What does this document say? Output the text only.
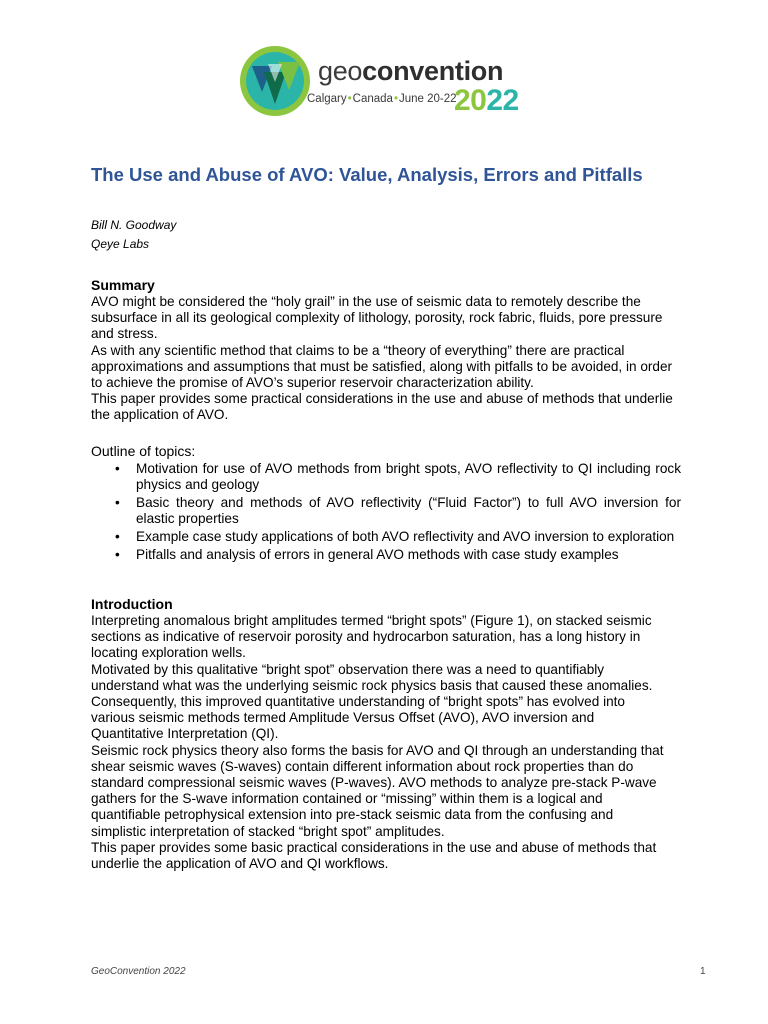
geoconvention
Calgary•Canada•June 20-22
2022
The Use and Abuse of AVO: Value, Analysis, Errors and Pitfalls
Bill N. Goodway
Qeye Labs
Summary
AVO might be considered the “holy grail” in the use of seismic data to remotely describe the
subsurface in all its geological complexity of lithology, porosity, rock fabric, fluids, pore pressure
and stress.
As with any scientific method that claims to be a “theory of everything” there are practical
approximations and assumptions that must be satisfied, along with pitfalls to be avoided, in order
to achieve the promise of AVO’s superior reservoir characterization ability.
This paper provides some practical considerations in the use and abuse of methods that underlie
the application of AVO.
Outline of topics:
• Motivation for use of AVO methods from bright spots, AVO reflectivity to QI including rock physics and geology
• Basic theory and methods of AVO reflectivity (“Fluid Factor”) to full AVO inversion for elastic properties
• Example case study applications of both AVO reflectivity and AVO inversion to exploration
• Pitfalls and analysis of errors in general AVO methods with case study examples
Introduction
Interpreting anomalous bright amplitudes termed “bright spots” (Figure 1), on stacked seismic
sections as indicative of reservoir porosity and hydrocarbon saturation, has a long history in
locating exploration wells.
Motivated by this qualitative “bright spot” observation there was a need to quantifiably
understand what was the underlying seismic rock physics basis that caused these anomalies.
Consequently, this improved quantitative understanding of “bright spots” has evolved into
various seismic methods termed Amplitude Versus Offset (AVO), AVO inversion and
Quantitative Interpretation (QI).
Seismic rock physics theory also forms the basis for AVO and QI through an understanding that
shear seismic waves (S-waves) contain different information about rock properties than do
standard compressional seismic waves (P-waves). AVO methods to analyze pre-stack P-wave
gathers for the S-wave information contained or “missing” within them is a logical and
quantifiable petrophysical extension into pre-stack seismic data from the confusing and
simplistic interpretation of stacked “bright spot” amplitudes.
This paper provides some basic practical considerations in the use and abuse of methods that
underlie the application of AVO and QI workflows.
GeoConvention 2022	1
